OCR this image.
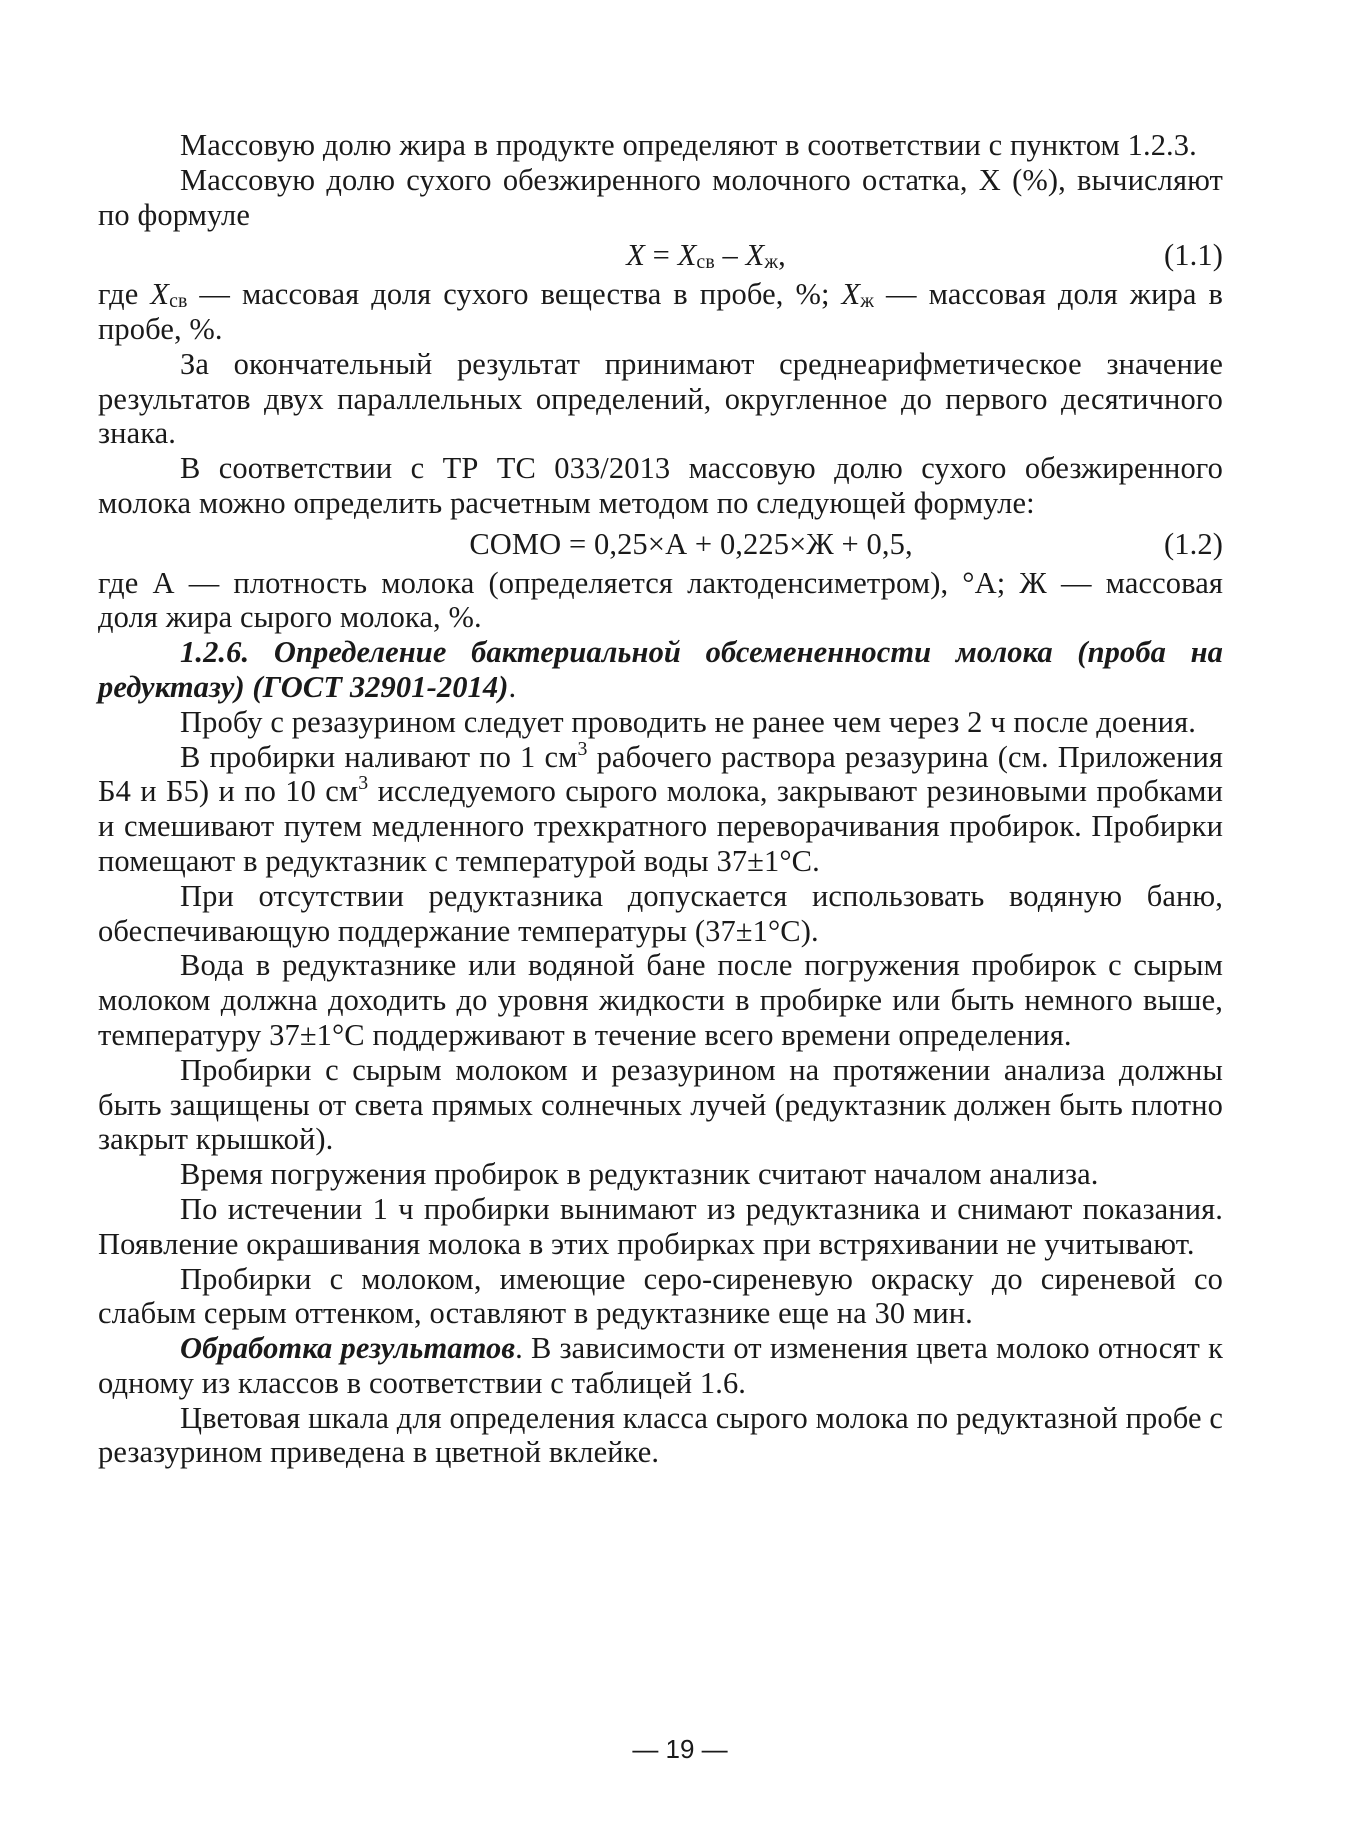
Массовую долю жира в продукте определяют в соответствии с пунктом 1.2.3.

Массовую долю сухого обезжиренного молочного остатка, X (%), вычисляют по формуле

$X = X_{св} - X_ж$,	(1.1)

где $X_{св}$ — массовая доля сухого вещества в пробе, %; $X_ж$ — массовая доля жира в пробе, %.

За окончательный результат принимают среднеарифметическое значение результатов двух параллельных определений, округленное до первого десятичного знака.

В соответствии с ТР ТС 033/2013 массовую долю сухого обезжиренного молока можно определить расчетным методом по следующей формуле:

СОМО = 0,25×А + 0,225×Ж + 0,5,	(1.2)

где А — плотность молока (определяется лактоденсиметром), °А; Ж — массовая доля жира сырого молока, %.

1.2.6. Определение бактериальной обсемененности молока (проба на редуктазу) (ГОСТ 32901-2014).

Пробу с резазурином следует проводить не ранее чем через 2 ч после доения.

В пробирки наливают по 1 $см^3$ рабочего раствора резазурина (см. Приложения Б4 и Б5) и по 10 $см^3$ исследуемого сырого молока, закрывают резиновыми пробками и смешивают путем медленного трехкратного переворачивания пробирок. Пробирки помещают в редуктазник с температурой воды 37±1°С.

При отсутствии редуктазника допускается использовать водяную баню, обеспечивающую поддержание температуры (37±1°С).

Вода в редуктазнике или водяной бане после погружения пробирок с сырым молоком должна доходить до уровня жидкости в пробирке или быть немного выше, температуру 37±1°С поддерживают в течение всего времени определения.

Пробирки с сырым молоком и резазурином на протяжении анализа должны быть защищены от света прямых солнечных лучей (редуктазник должен быть плотно закрыт крышкой).

Время погружения пробирок в редуктазник считают началом анализа.

По истечении 1 ч пробирки вынимают из редуктазника и снимают показания. Появление окрашивания молока в этих пробирках при встряхивании не учитывают.

Пробирки с молоком, имеющие серо-сиреневую окраску до сиреневой со слабым серым оттенком, оставляют в редуктазнике еще на 30 мин.

Обработка результатов. В зависимости от изменения цвета молоко относят к одному из классов в соответствии с таблицей 1.6.

Цветовая шкала для определения класса сырого молока по редуктазной пробе с резазурином приведена в цветной вклейке.

— 19 —
